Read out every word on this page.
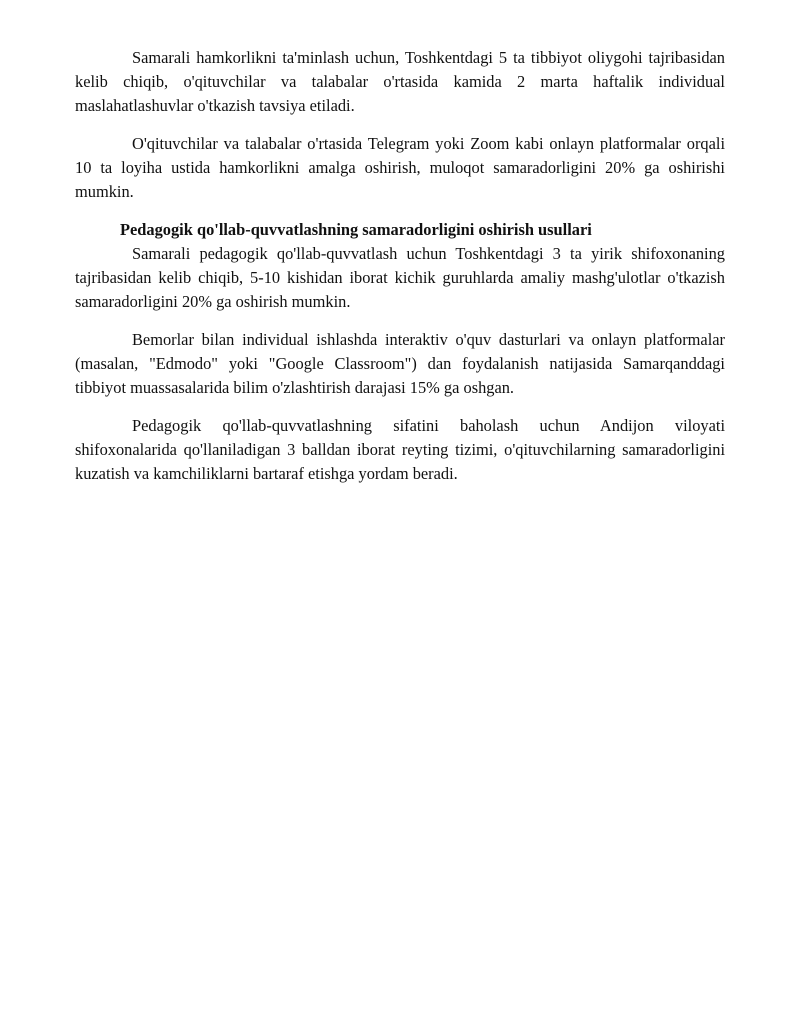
Samarali hamkorlikni ta'minlash uchun, Toshkentdagi 5 ta tibbiyot oliygohi tajribasidan kelib chiqib, o'qituvchilar va talabalar o'rtasida kamida 2 marta haftalik individual maslahatlashuvlar o'tkazish tavsiya etiladi.

O'qituvchilar va talabalar o'rtasida Telegram yoki Zoom kabi onlayn platformalar orqali 10 ta loyiha ustida hamkorlikni amalga oshirish, muloqot samaradorligini 20% ga oshirishi mumkin.

Pedagogik qo'llab-quvvatlashning samaradorligini oshirish usullari

Samarali pedagogik qo'llab-quvvatlash uchun Toshkentdagi 3 ta yirik shifoxonaning tajribasidan kelib chiqib, 5-10 kishidan iborat kichik guruhlarda amaliy mashg'ulotlar o'tkazish samaradorligini 20% ga oshirish mumkin.

Bemorlar bilan individual ishlashda interaktiv o'quv dasturlari va onlayn platformalar (masalan, "Edmodo" yoki "Google Classroom") dan foydalanish natijasida Samarqanddagi tibbiyot muassasalarida bilim o'zlashtirish darajasi 15% ga oshgan.

Pedagogik qo'llab-quvvatlashning sifatini baholash uchun Andijon viloyati shifoxonalarida qo'llaniladigan 3 balldan iborat reyting tizimi, o'qituvchilarning samaradorligini kuzatish va kamchiliklarni bartaraf etishga yordam beradi.
